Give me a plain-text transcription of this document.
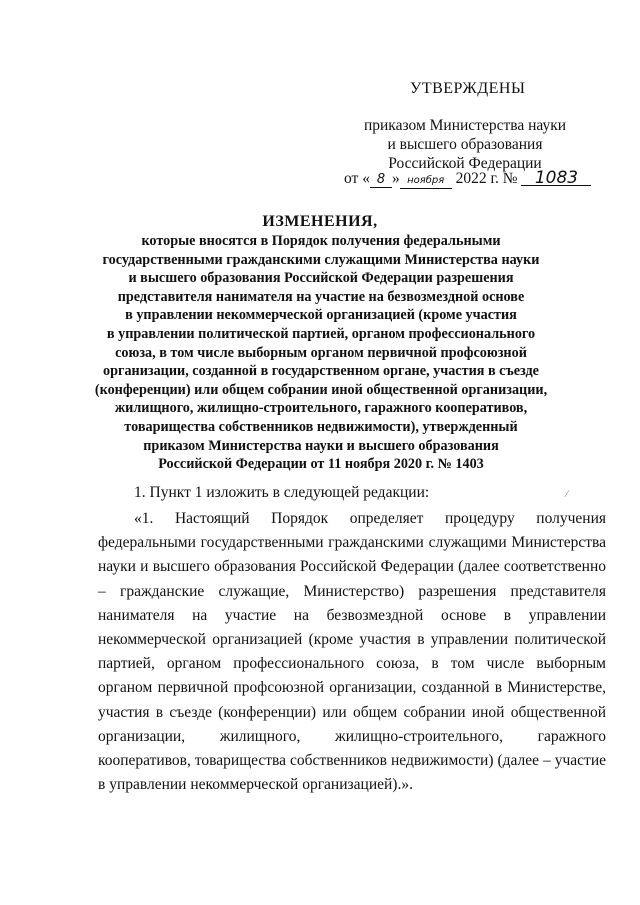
УТВЕРЖДЕНЫ
приказом Министерства науки
и высшего образования
Российской Федерации
от « 8 » ноября 2022 г. № 1083
ИЗМЕНЕНИЯ,
которые вносятся в Порядок получения федеральными
государственными гражданскими служащими Министерства науки
и высшего образования Российской Федерации разрешения
представителя нанимателя на участие на безвозмездной основе
в управлении некоммерческой организацией (кроме участия
в управлении политической партией, органом профессионального
союза, в том числе выборным органом первичной профсоюзной
организации, созданной в государственном органе, участия в съезде
(конференции) или общем собрании иной общественной организации,
жилищного, жилищно-строительного, гаражного кооперативов,
товарищества собственников недвижимости), утвержденный
приказом Министерства науки и высшего образования
Российской Федерации от 11 ноября 2020 г. № 1403
1. Пункт 1 изложить в следующей редакции:	⁄
«1. Настоящий Порядок определяет процедуру получения федеральными государственными гражданскими служащими Министерства науки и высшего образования Российской Федерации (далее соответственно – гражданские служащие, Министерство) разрешения представителя нанимателя на участие на безвозмездной основе в управлении некоммерческой организацией (кроме участия в управлении политической партией, органом профессионального союза, в том числе выборным органом первичной профсоюзной организации, созданной в Министерстве, участия в съезде (конференции) или общем собрании иной общественной организации, жилищного, жилищно-строительного, гаражного кооперативов, товарищества собственников недвижимости) (далее – участие в управлении некоммерческой организацией).».
